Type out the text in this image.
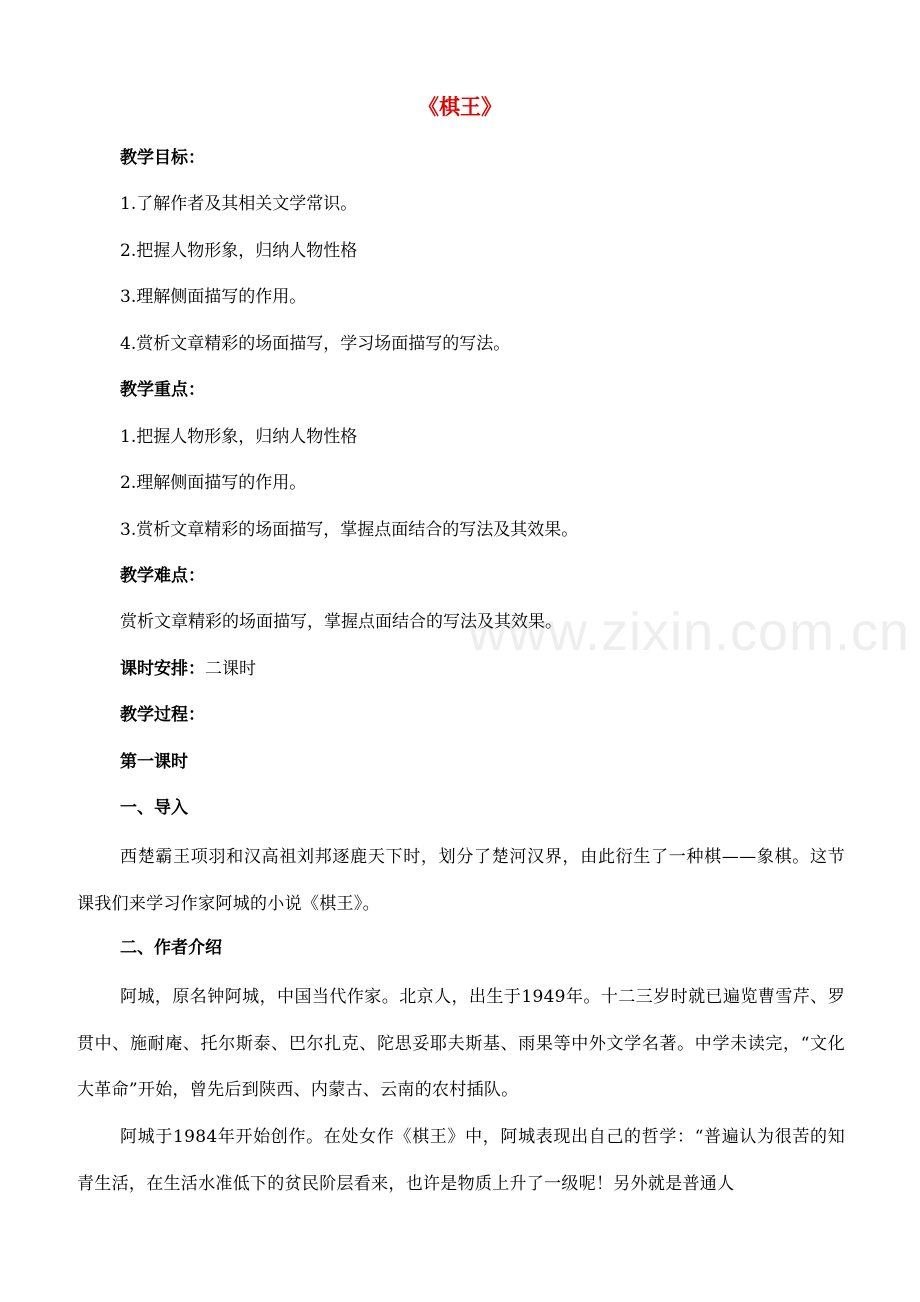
《棋王》
教学目标：
1.了解作者及其相关文学常识。
2.把握人物形象，归纳人物性格
3.理解侧面描写的作用。
4.赏析文章精彩的场面描写，学习场面描写的写法。
教学重点：
1.把握人物形象，归纳人物性格
2.理解侧面描写的作用。
3.赏析文章精彩的场面描写，掌握点面结合的写法及其效果。
教学难点：
赏析文章精彩的场面描写，掌握点面结合的写法及其效果。
课时安排：二课时
教学过程：
第一课时
一、导入
西楚霸王项羽和汉高祖刘邦逐鹿天下时，划分了楚河汉界，由此衍生了一种棋——象棋。这节课我们来学习作家阿城的小说《棋王》。
二、作者介绍
阿城，原名钟阿城，中国当代作家。北京人，出生于1949年。十二三岁时就已遍览曹雪芹、罗贯中、施耐庵、托尔斯泰、巴尔扎克、陀思妥耶夫斯基、雨果等中外文学名著。中学未读完，“文化大革命”开始，曾先后到陕西、内蒙古、云南的农村插队。
阿城于1984年开始创作。在处女作《棋王》中，阿城表现出自己的哲学：“普遍认为很苦的知青生活，在生活水准低下的贫民阶层看来，也许是物质上升了一级呢！另外就是普通人
www.zixin.com.cn
